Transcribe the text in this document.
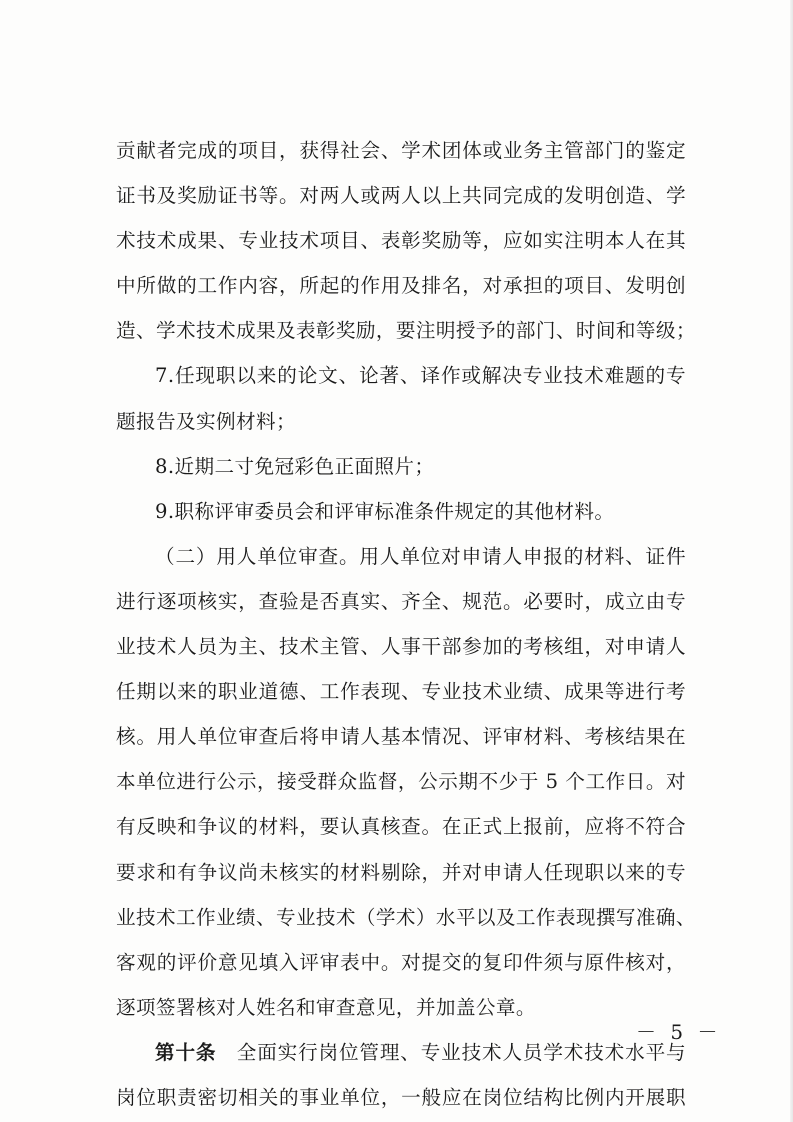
贡献者完成的项目，获得社会、学术团体或业务主管部门的鉴定
证书及奖励证书等。对两人或两人以上共同完成的发明创造、学
术技术成果、专业技术项目、表彰奖励等，应如实注明本人在其
中所做的工作内容，所起的作用及排名，对承担的项目、发明创
造、学术技术成果及表彰奖励，要注明授予的部门、时间和等级；
7.任现职以来的论文、论著、译作或解决专业技术难题的专
题报告及实例材料；
8.近期二寸免冠彩色正面照片；
9.职称评审委员会和评审标准条件规定的其他材料。
（二）用人单位审查。用人单位对申请人申报的材料、证件
进行逐项核实，查验是否真实、齐全、规范。必要时，成立由专
业技术人员为主、技术主管、人事干部参加的考核组，对申请人
任期以来的职业道德、工作表现、专业技术业绩、成果等进行考
核。用人单位审查后将申请人基本情况、评审材料、考核结果在
本单位进行公示，接受群众监督，公示期不少于 5 个工作日。对
有反映和争议的材料，要认真核查。在正式上报前，应将不符合
要求和有争议尚未核实的材料剔除，并对申请人任现职以来的专
业技术工作业绩、专业技术（学术）水平以及工作表现撰写准确、
客观的评价意见填入评审表中。对提交的复印件须与原件核对，
逐项签署核对人姓名和审查意见，并加盖公章。
第十条　全面实行岗位管理、专业技术人员学术技术水平与
岗位职责密切相关的事业单位，一般应在岗位结构比例内开展职
－ 5 －
